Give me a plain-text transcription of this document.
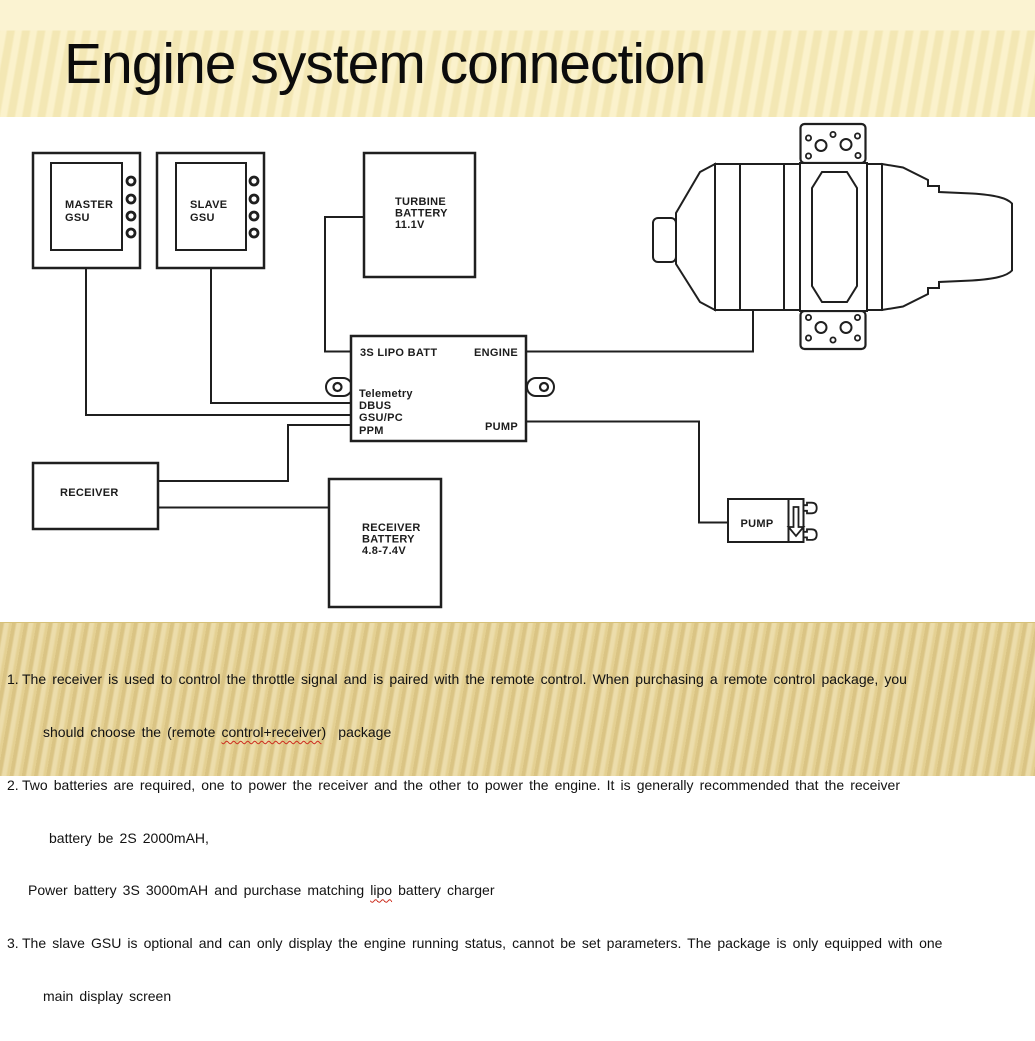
Engine system connection
MASTER
GSU
SLAVE
GSU
TURBINE
BATTERY
11.1V
3S LIPO BATT	ENGINE
Telemetry
DBUS
GSU/PC
PPM	PUMP
RECEIVER
RECEIVER
BATTERY
4.8-7.4V
PUMP

1. The receiver is used to control the throttle signal and is paired with the remote control. When purchasing a remote control package, you

should choose the (remote control+receiver)  package

2. Two batteries are required, one to power the receiver and the other to power the engine. It is generally recommended that the receiver

battery be 2S 2000mAH,

Power battery 3S 3000mAH and purchase matching lipo battery charger

3. The slave GSU is optional and can only display the engine running status, cannot be set parameters. The package is only equipped with one

main display screen
